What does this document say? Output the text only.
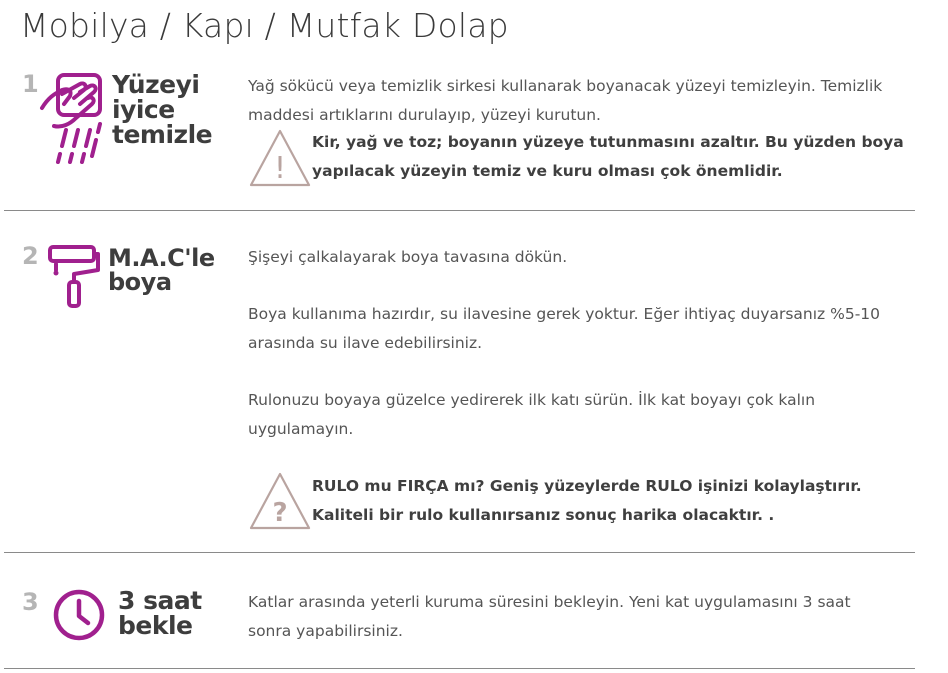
Mobilya / Kapı / Mutfak Dolap
1	Yüzeyi
iyice
temizle

Yağ sökücü veya temizlik sirkesi kullanarak boyanacak yüzeyi temizleyin. Temizlik maddesi artıklarını durulayıp, yüzeyi kurutun.

!

Kir, yağ ve toz; boyanın yüzeye tutunmasını azaltır. Bu yüzden boya

yapılacak yüzeyin temiz ve kuru olması çok önemlidir.

2	M.A.C'le
boya

Şişeyi çalkalayarak boya tavasına dökün.

Boya kullanıma hazırdır, su ilavesine gerek yoktur. Eğer ihtiyaç duyarsanız %5-10 arasında su ilave edebilirsiniz.

Rulonuzu boyaya güzelce yedirerek ilk katı sürün. İlk kat boyayı çok kalın uygulamayın.

?

RULO mu FIRÇA mı? Geniş yüzeylerde RULO işinizi kolaylaştırır.

Kaliteli bir rulo kullanırsanız sonuç harika olacaktır. .

3	3 saat
bekle

Katlar arasında yeterli kuruma süresini bekleyin. Yeni kat uygulamasını 3 saat sonra yapabilirsiniz.
